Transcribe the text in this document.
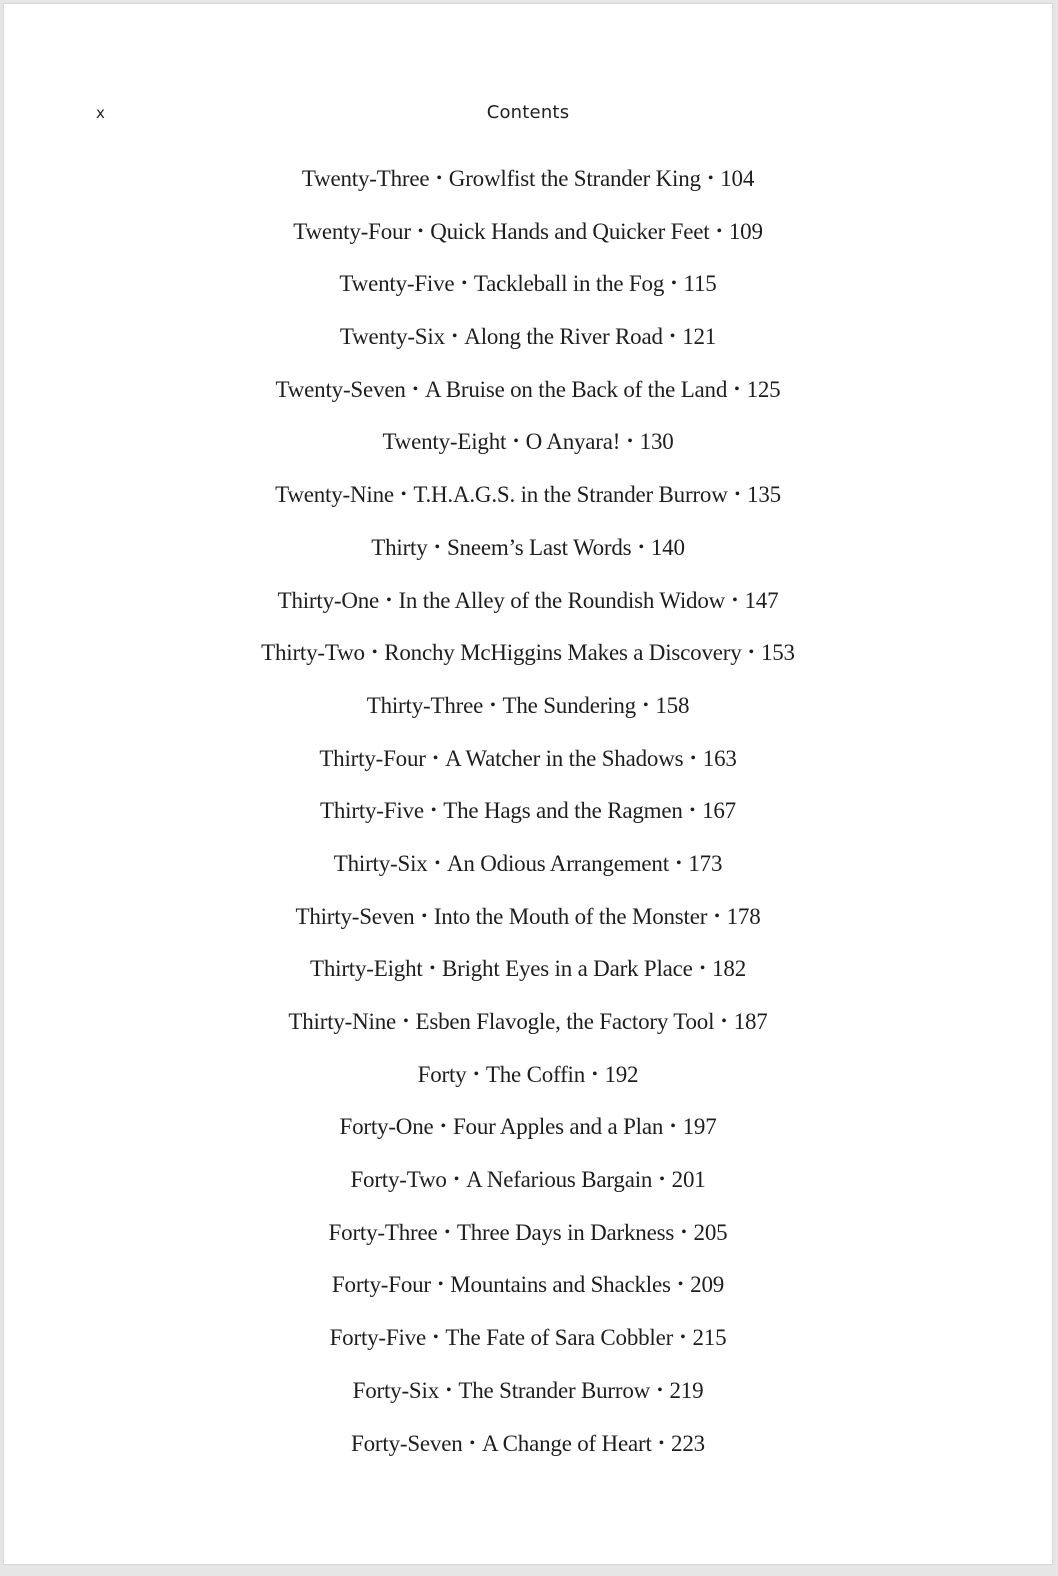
x	Contents
Twenty-Three • Growlfist the Strander King • 104
Twenty-Four • Quick Hands and Quicker Feet • 109
Twenty-Five • Tackleball in the Fog • 115
Twenty-Six • Along the River Road • 121
Twenty-Seven • A Bruise on the Back of the Land • 125
Twenty-Eight • O Anyara! • 130
Twenty-Nine • T.H.A.G.S. in the Strander Burrow • 135
Thirty • Sneem’s Last Words • 140
Thirty-One • In the Alley of the Roundish Widow • 147
Thirty-Two • Ronchy McHiggins Makes a Discovery • 153
Thirty-Three • The Sundering • 158
Thirty-Four • A Watcher in the Shadows • 163
Thirty-Five • The Hags and the Ragmen • 167
Thirty-Six • An Odious Arrangement • 173
Thirty-Seven • Into the Mouth of the Monster • 178
Thirty-Eight • Bright Eyes in a Dark Place • 182
Thirty-Nine • Esben Flavogle, the Factory Tool • 187
Forty • The Coffin • 192
Forty-One • Four Apples and a Plan • 197
Forty-Two • A Nefarious Bargain • 201
Forty-Three • Three Days in Darkness • 205
Forty-Four • Mountains and Shackles • 209
Forty-Five • The Fate of Sara Cobbler • 215
Forty-Six • The Strander Burrow • 219
Forty-Seven • A Change of Heart • 223
